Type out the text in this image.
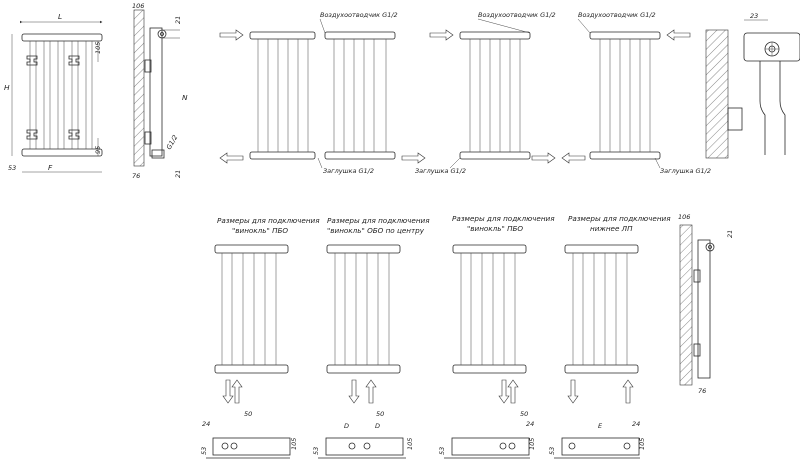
L
H
105
95
F
53
106
21
N
76	21
G1/2
Воздухоотводчик G1/2	Воздухоотводчик G1/2	Воздухоотводчик G1/2
Заглушка G1/2	Заглушка G1/2	Заглушка G1/2
23
Размеры для подключения
"винокль" ПБО
Размеры для подключения
"винокль" ОБО по центру
Размеры для подключения
"винокль" ПБО
Размеры для подключения
нижнее ЛП
106
21
76
24
50
53
105
D	D
50
53
105
24
50
53
105
E	24
53
105
